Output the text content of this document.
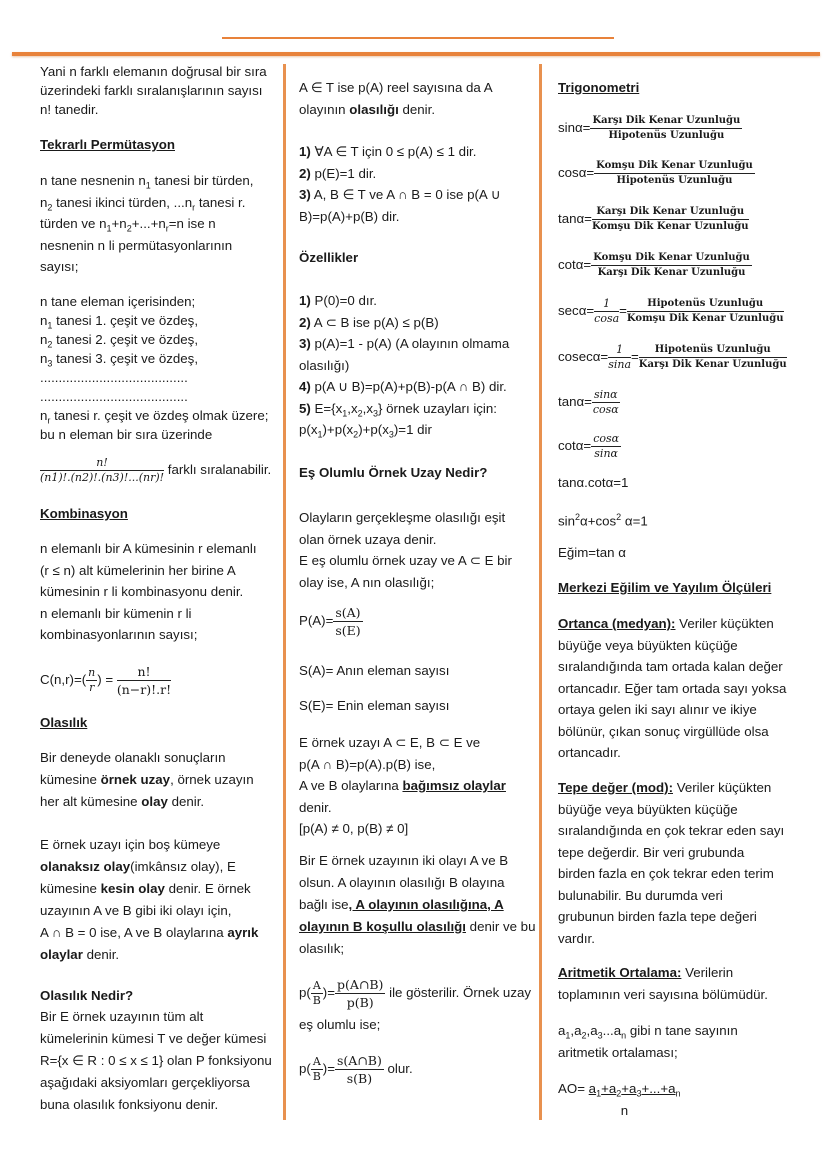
Yani n farklı elemanın doğrusal bir sıra
üzerindeki farklı sıralanışlarının sayısı
n! tanedir.
Tekrarlı Permütasyon
n tane nesnenin $n_1$ tanesi bir türden,
$n_2$ tanesi ikinci türden, $...n_r$ tanesi r.
türden ve $n_1+n_2+...+n_r=n$ ise n
nesnenin n li permütasyonlarının
sayısı;
n tane eleman içerisinden;
$n_1$ tanesi 1. çeşit ve özdeş,
$n_2$ tanesi 2. çeşit ve özdeş,
$n_3$ tanesi 3. çeşit ve özdeş,
........................................
........................................
$n_r$ tanesi r. çeşit ve özdeş olmak üzere;
bu n eleman bir sıra üzerinde
$\frac{n!}{(n1)!.(n2)!.(n3)!...(nr)!}$ farklı sıralanabilir.
Kombinasyon
n elemanlı bir A kümesinin r elemanlı
(r ≤ n) alt kümelerinin her birine A
kümesinin r li kombinasyonu denir.
n elemanlı bir kümenin r li
kombinasyonlarının sayısı;
$C(n,r)=( \frac{n}{r}$ ) = $\frac{n!}{(n-r)!.r!}$
Olasılık
Bir deneyde olanaklı sonuçların
kümesine örnek uzay, örnek uzayın
her alt kümesine olay denir.
E örnek uzayı için boş kümeye
olanaksız olay(imkânsız olay), E
kümesine kesin olay denir. E örnek
uzayının A ve B gibi iki olayı için,
A ∩ B = 0 ise, A ve B olaylarına ayrık
olaylar denir.
Olasılık Nedir?
Bir E örnek uzayının tüm alt
kümelerinin kümesi T ve değer kümesi
R={x ∈ R : 0 ≤ x ≤ 1} olan P fonksiyonu
aşağıdaki aksiyomları gerçekliyorsa
buna olasılık fonksiyonu denir.
A ∈ T ise p(A) reel sayısına da A
olayının olasılığı denir.
1) ∀A ∈ T için 0 ≤ p(A) ≤ 1 dir.
2) p(E)=1 dir.
3) A, B ∈ T ve A ∩ B = 0 ise p(A ∪
B)=p(A)+p(B) dir.
Özellikler
1) P(0)=0 dır.
2) A ⊂ B ise p(A) ≤ p(B)
3) p(A)=1 - p(A) (A olayının olmama
olasılığı)
4) p(A ∪ B)=p(A)+p(B)-p(A ∩ B) dir.
5) $E=\{x_1,x_2,x_3\}$ örnek uzayları için:
$p(x_1)+p(x_2)+p(x_3)=1$ dir
Eş Olumlu Örnek Uzay Nedir?
Olayların gerçekleşme olasılığı eşit
olan örnek uzaya denir.
E eş olumlu örnek uzay ve A ⊂ E bir
olay ise, A nın olasılığı;
$P(A)= \frac{s(A)}{s(E)}$
S(A)= Anın eleman sayısı
S(E)= Enin eleman sayısı
E örnek uzayı A ⊂ E, B ⊂ E ve
p(A ∩ B)=p(A).p(B) ise,
A ve B olaylarına bağımsız olaylar
denir.
[p(A) ≠ 0, p(B) ≠ 0]
Bir E örnek uzayının iki olayı A ve B
olsun. A olayının olasılığı B olayına
bağlı ise, A olayının olasılığına, A
olayının B koşullu olasılığı denir ve bu
olasılık;
$p( \frac{A}{B}$ )= $\frac{p(A\cap B)}{p(B)}$ ile gösterilir. Örnek uzay
eş olumlu ise;
$p( \frac{A}{B}$ )= $\frac{s(A\cap B)}{s(B)}$ olur.
Trigonometri
$\sin\alpha= \frac{\text{Karşı Dik Kenar Uzunluğu}}{\text{Hipotenüs Uzunluğu}}$
$\cos\alpha= \frac{\text{Komşu Dik Kenar Uzunluğu}}{\text{Hipotenüs Uzunluğu}}$
$\tan\alpha= \frac{\text{Karşı Dik Kenar Uzunluğu}}{\text{Komşu Dik Kenar Uzunluğu}}$
$\cot\alpha= \frac{\text{Komşu Dik Kenar Uzunluğu}}{\text{Karşı Dik Kenar Uzunluğu}}$
$\sec\alpha= \frac{1}{\cos a} = \frac{\text{Hipotenüs Uzunluğu}}{\text{Komşu Dik Kenar Uzunluğu}}$
$cosec\alpha= \frac{1}{\sin a} = \frac{\text{Hipotenüs Uzunluğu}}{\text{Karşı Dik Kenar Uzunluğu}}$
$\tan\alpha= \frac{\sin\alpha}{\cos\alpha}$
$\cot\alpha= \frac{\cos\alpha}{\sin\alpha}$
tanα.cotα=1
$\sin^2\alpha+\cos^2$ α=1
Eğim=tan α
Merkezi Eğilim ve Yayılım Ölçüleri
Ortanca (medyan): Veriler küçükten
büyüğe veya büyükten küçüğe
sıralandığında tam ortada kalan değer
ortancadır. Eğer tam ortada sayı yoksa
ortaya gelen iki sayı alınır ve ikiye
bölünür, çıkan sonuç virgüllüde olsa
ortancadır.
Tepe değer (mod): Veriler küçükten
büyüğe veya büyükten küçüğe
sıralandığında en çok tekrar eden sayı
tepe değerdir. Bir veri grubunda
birden fazla en çok tekrar eden terim
bulunabilir. Bu durumda veri
grubunun birden fazla tepe değeri
vardır.
Aritmetik Ortalama: Verilerin
toplamının veri sayısına bölümüdür.
$a_1,a_2,a_3...a_n$ gibi n tane sayının
aritmetik ortalaması;
$AO= a_1+a_2+a_3+...+a_n$
n
